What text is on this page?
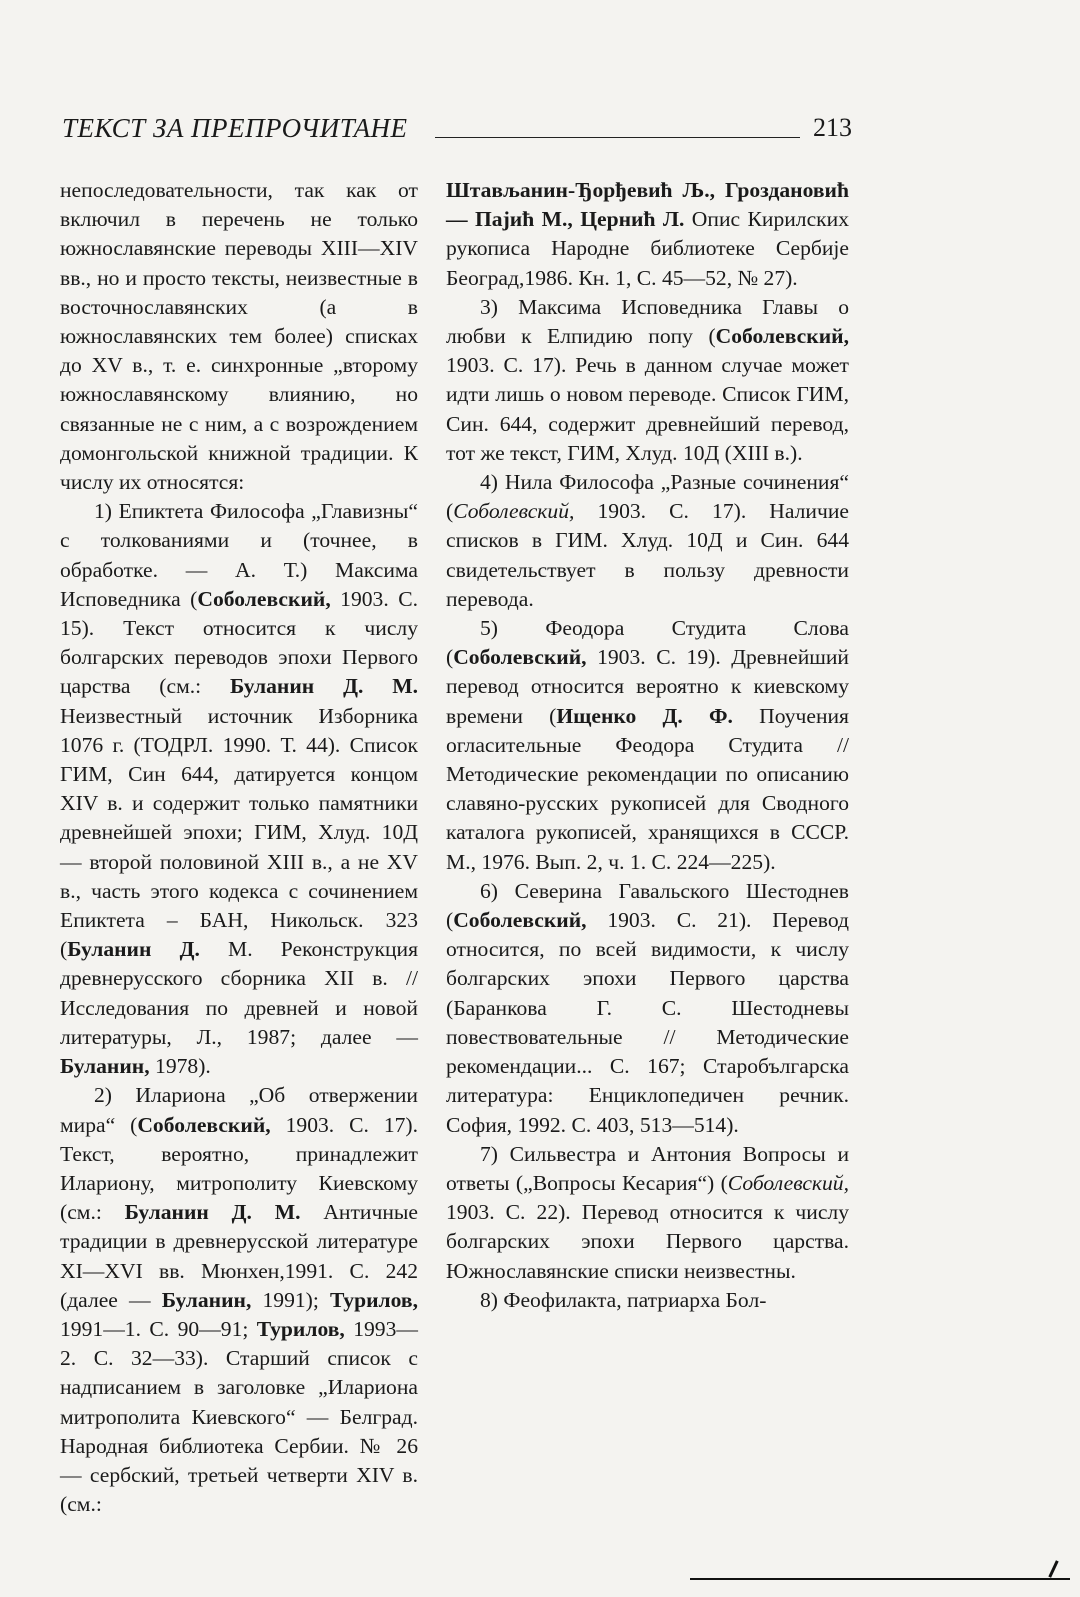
ТЕКСТ ЗА ПРЕПРОЧИТАНЕ	213

непоследовательности, так как от включил в перечень не только южнославянские переводы XIII—XIV вв., но и просто тексты, неизвестные в восточнославянских (а в южнославянских тем более) списках до XV в., т. е. синхронные „второму южнославянскому влиянию, но связанные не с ним, а с возрождением домонгольской книжной традиции. К числу их относятся:

1) Епиктета Философа „Главизны“ с толкованиями и (точнее, в обработке. — А. Т.) Максима Исповедника (Соболевский, 1903. С. 15). Текст относится к числу болгарских переводов эпохи Первого царства (см.: Буланин Д. М. Неизвестный источник Изборника 1076 г. (ТОДРЛ. 1990. Т. 44). Список ГИМ, Син 644, датируется концом XIV в. и содержит только памятники древнейшей эпохи; ГИМ, Хлуд. 10Д — второй половиной XIII в., а не XV в., часть этого кодекса с сочинением Епиктета – БАН, Никольск. 323 (Буланин Д. М. Реконструкция древнерусского сборника XII в. // Исследования по древней и новой литературы, Л., 1987; далее — Буланин, 1978).

2) Илариона „Об отвержении мира“ (Соболевский, 1903. С. 17). Текст, вероятно, принадлежит Илариону, митрополиту Киевскому (см.: Буланин Д. М. Античные традиции в древнерусской литературе XI—XVI вв. Мюнхен,1991. С. 242 (далее — Буланин, 1991); Турилов, 1991—1. С. 90—91; Турилов, 1993—2. С. 32—33). Старший список с надписанием в заголовке „Илариона митрополита Киевского“ — Белград. Народная библиотека Сербии. № 26 — сербский, третьей четверти XIV в. (см.:

Штављанин-Ђорђевић Љ., Гроздановић — Пајић М., Цернић Л. Опис Кирилских рукописа Народне библиотеке Сербије Београд,1986. Кн. 1, С. 45—52, № 27).

3) Максима Исповедника Главы о любви к Елпидию попу (Соболевский, 1903. С. 17). Речь в данном случае может идти лишь о новом переводе. Список ГИМ, Син. 644, содержит древнейший перевод, тот же текст, ГИМ, Хлуд. 10Д (XIII в.).

4) Нила Философа „Разные сочинения“ (Соболевский, 1903. С. 17). Наличие списков в ГИМ. Хлуд. 10Д и Син. 644 свидетельствует в пользу древности перевода.

5) Феодора Студита Слова (Соболевский, 1903. С. 19). Древнейший перевод относится вероятно к киевскому времени (Ищенко Д. Ф. Поучения огласительные Феодора Студита // Методические рекомендации по описанию славяно-русских рукописей для Сводного каталога рукописей, хранящихся в СССР. М., 1976. Вып. 2, ч. 1. С. 224—225).

6) Северина Гавальского Шестоднев (Соболевский, 1903. С. 21). Перевод относится, по всей видимости, к числу болгарских эпохи Первого царства (Баранкова Г. С. Шестодневы повествовательные // Методические рекомендации... С. 167; Старобългарска литература: Енциклопедичен речник. София, 1992. С. 403, 513—514).

7) Сильвестра и Антония Вопросы и ответы („Вопросы Кесария“) (Соболевский, 1903. С. 22). Перевод относится к числу болгарских эпохи Первого царства. Южнославянские списки неизвестны.

8) Феофилакта, патриарха Бол-
